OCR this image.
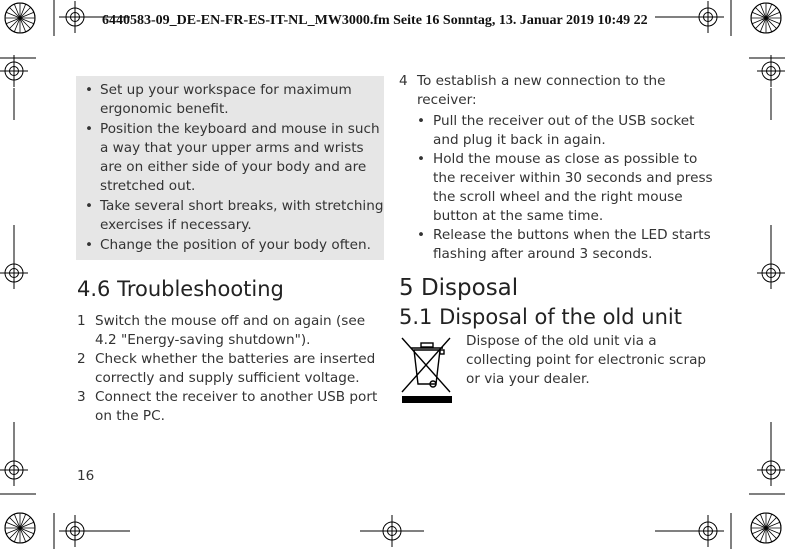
6440583-09_DE-EN-FR-ES-IT-NL_MW3000.fm Seite 16 Sonntag, 13. Januar 2019 10:49 22
• Set up your workspace for maximum ergonomic benefit.
• Position the keyboard and mouse in such a way that your upper arms and wrists are on either side of your body and are stretched out.
• Take several short breaks, with stretching exercises if necessary.
• Change the position of your body often.
4.6 Troubleshooting
1 Switch the mouse off and on again (see 4.2 "Energy-saving shutdown").
2 Check whether the batteries are inserted correctly and supply sufficient voltage.
3 Connect the receiver to another USB port on the PC.
4 To establish a new connection to the receiver:
• Pull the receiver out of the USB socket and plug it back in again.
• Hold the mouse as close as possible to the receiver within 30 seconds and press the scroll wheel and the right mouse button at the same time.
• Release the buttons when the LED starts flashing after around 3 seconds.
5 Disposal
5.1 Disposal of the old unit
Dispose of the old unit via a collecting point for electronic scrap or via your dealer.
16
